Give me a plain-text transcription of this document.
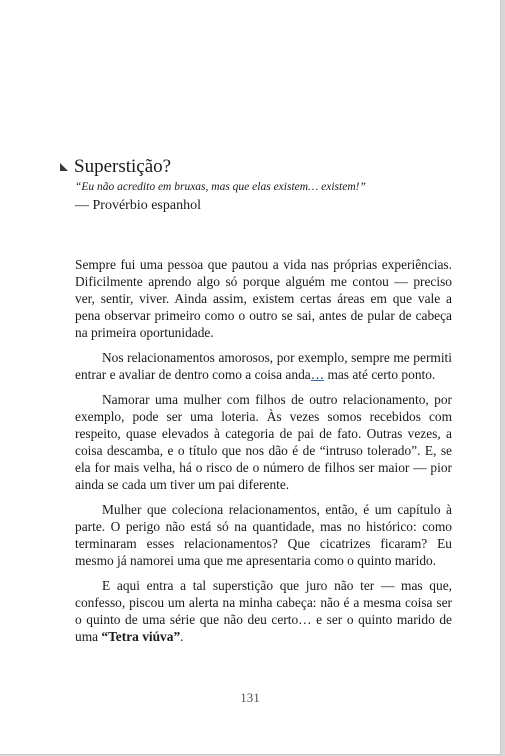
Superstição?
“Eu não acredito em bruxas, mas que elas existem… existem!”
— Provérbio espanhol

Sempre fui uma pessoa que pautou a vida nas próprias experiências. Dificilmente aprendo algo só porque alguém me contou — preciso ver, sentir, viver. Ainda assim, existem certas áreas em que vale a pena observar primeiro como o outro se sai, antes de pular de cabeça na primeira oportunidade.

Nos relacionamentos amorosos, por exemplo, sempre me permiti entrar e avaliar de dentro como a coisa anda… mas até certo ponto.

Namorar uma mulher com filhos de outro relacionamento, por exemplo, pode ser uma loteria. Às vezes somos recebidos com respeito, quase elevados à categoria de pai de fato. Outras vezes, a coisa descamba, e o título que nos dão é de “intruso tolerado”. E, se ela for mais velha, há o risco de o número de filhos ser maior — pior ainda se cada um tiver um pai diferente.

Mulher que coleciona relacionamentos, então, é um capítulo à parte. O perigo não está só na quantidade, mas no histórico: como terminaram esses relacionamentos? Que cicatrizes ficaram? Eu mesmo já namorei uma que me apresentaria como o quinto marido.

E aqui entra a tal superstição que juro não ter — mas que, confesso, piscou um alerta na minha cabeça: não é a mesma coisa ser o quinto de uma série que não deu certo… e ser o quinto marido de uma “Tetra viúva”.

131
